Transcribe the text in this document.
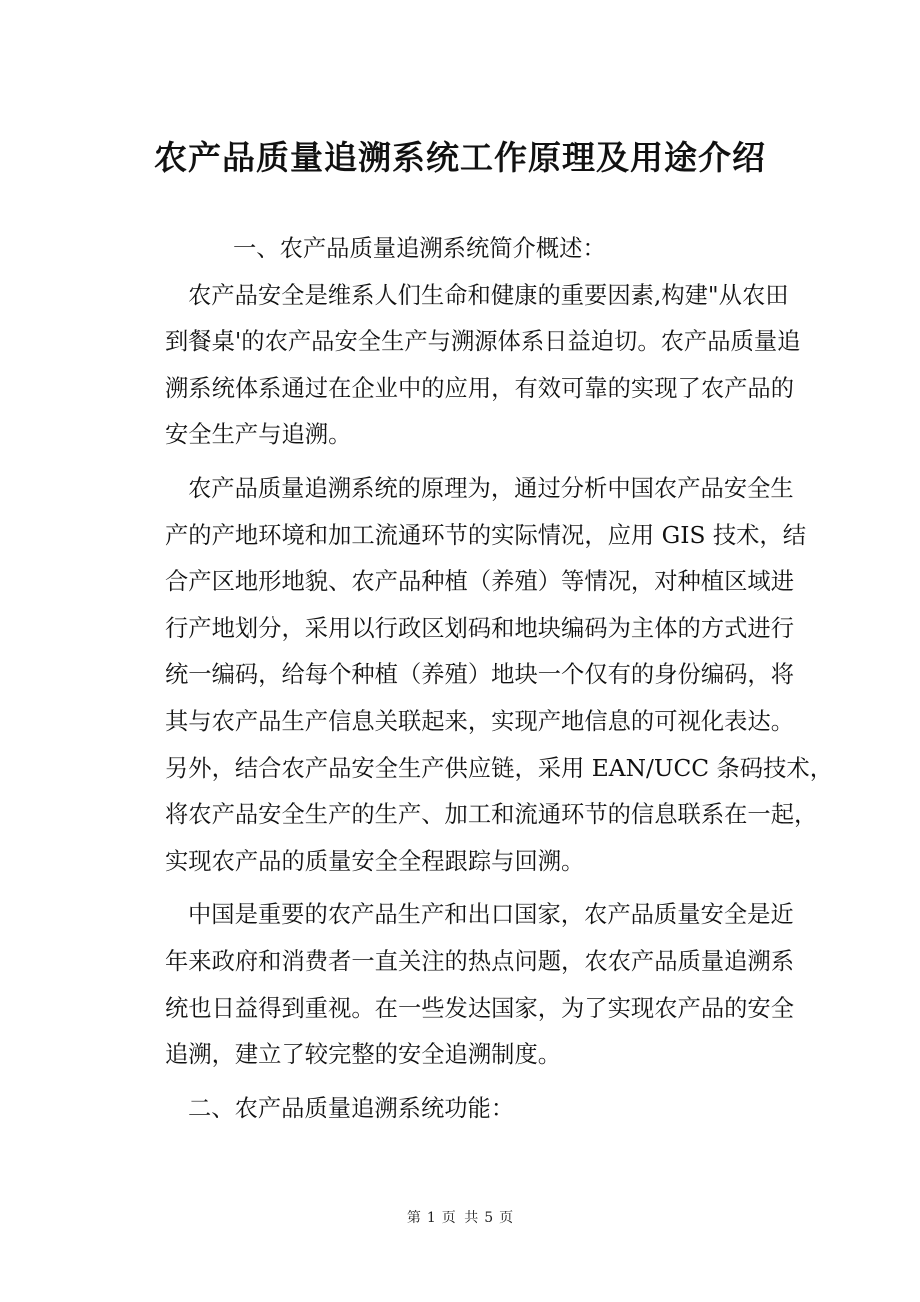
农产品质量追溯系统工作原理及用途介绍
一、农产品质量追溯系统简介概述：
农产品安全是维系人们生命和健康的重要因素,构建"从农田
到餐桌'的农产品安全生产与溯源体系日益迫切。农产品质量追
溯系统体系通过在企业中的应用，有效可靠的实现了农产品的
安全生产与追溯。
农产品质量追溯系统的原理为，通过分析中国农产品安全生
产的产地环境和加工流通环节的实际情况，应用 GIS 技术，结
合产区地形地貌、农产品种植（养殖）等情况，对种植区域进
行产地划分，采用以行政区划码和地块编码为主体的方式进行
统一编码，给每个种植（养殖）地块一个仅有的身份编码，将
其与农产品生产信息关联起来，实现产地信息的可视化表达。
另外，结合农产品安全生产供应链，采用 EAN/UCC 条码技术，
将农产品安全生产的生产、加工和流通环节的信息联系在一起，
实现农产品的质量安全全程跟踪与回溯。
中国是重要的农产品生产和出口国家，农产品质量安全是近
年来政府和消费者一直关注的热点问题，农农产品质量追溯系
统也日益得到重视。在一些发达国家，为了实现农产品的安全
追溯，建立了较完整的安全追溯制度。
二、农产品质量追溯系统功能：
第 1 页 共 5 页
